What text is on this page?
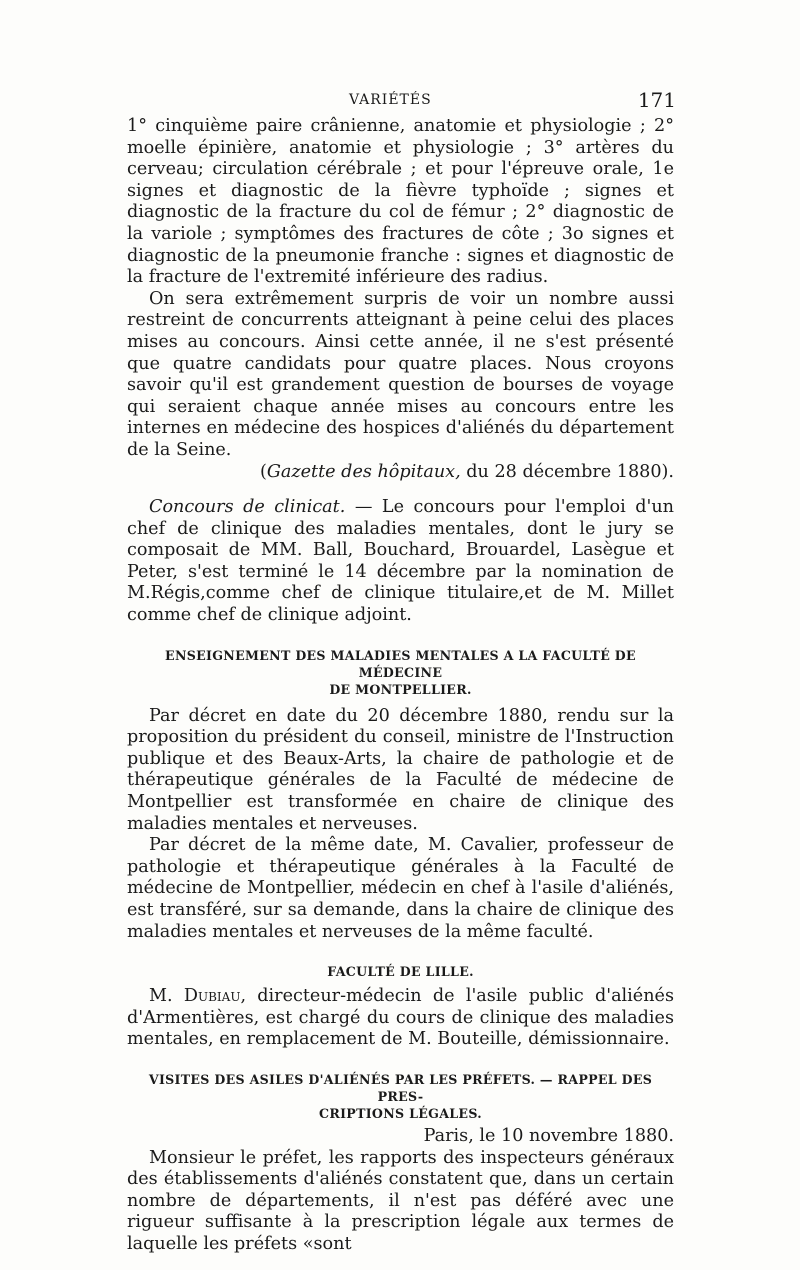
VARIÉTÉS	171

1° cinquième paire crânienne, anatomie et physiologie ; 2° moelle épinière, anatomie et physiologie ; 3° artères du cerveau; circulation cérébrale ; et pour l'épreuve orale, 1e signes et diagnostic de la fièvre typhoïde ; signes et diagnostic de la fracture du col de fémur ; 2° diagnostic de la variole ; symptômes des fractures de côte ; 3o signes et diagnostic de la pneumonie franche : signes et diagnostic de la fracture de l'extremité inférieure des radius.

On sera extrêmement surpris de voir un nombre aussi restreint de concurrents atteignant à peine celui des places mises au concours. Ainsi cette année, il ne s'est présenté que quatre candidats pour quatre places. Nous croyons savoir qu'il est grandement question de bourses de voyage qui seraient chaque année mises au concours entre les internes en médecine des hospices d'aliénés du département de la Seine.

(Gazette des hôpitaux, du 28 décembre 1880).

Concours de clinicat. — Le concours pour l'emploi d'un chef de clinique des maladies mentales, dont le jury se composait de MM. Ball, Bouchard, Brouardel, Lasègue et Peter, s'est terminé le 14 décembre par la nomination de M.Régis,comme chef de clinique titulaire,et de M. Millet comme chef de clinique adjoint.

ENSEIGNEMENT DES MALADIES MENTALES A LA FACULTÉ DE MÉDECINE

DE MONTPELLIER.

Par décret en date du 20 décembre 1880, rendu sur la proposition du président du conseil, ministre de l'Instruction publique et des Beaux-Arts, la chaire de pathologie et de thérapeutique générales de la Faculté de médecine de Montpellier est transformée en chaire de clinique des maladies mentales et nerveuses.

Par décret de la même date, M. Cavalier, professeur de pathologie et thérapeutique générales à la Faculté de médecine de Montpellier, médecin en chef à l'asile d'aliénés, est transféré, sur sa demande, dans la chaire de clinique des maladies mentales et nerveuses de la même faculté.

FACULTÉ DE LILLE.

M. Dubiau, directeur-médecin de l'asile public d'aliénés d'Armentières, est chargé du cours de clinique des maladies mentales, en remplacement de M. Bouteille, démissionnaire.

VISITES DES ASILES D'ALIÉNÉS PAR LES PRÉFETS. — RAPPEL DES PRES-

CRIPTIONS LÉGALES.

Paris, le 10 novembre 1880.

Monsieur le préfet, les rapports des inspecteurs généraux des établissements d'aliénés constatent que, dans un certain nombre de départements, il n'est pas déféré avec une rigueur suffisante à la prescription légale aux termes de laquelle les préfets «sont
